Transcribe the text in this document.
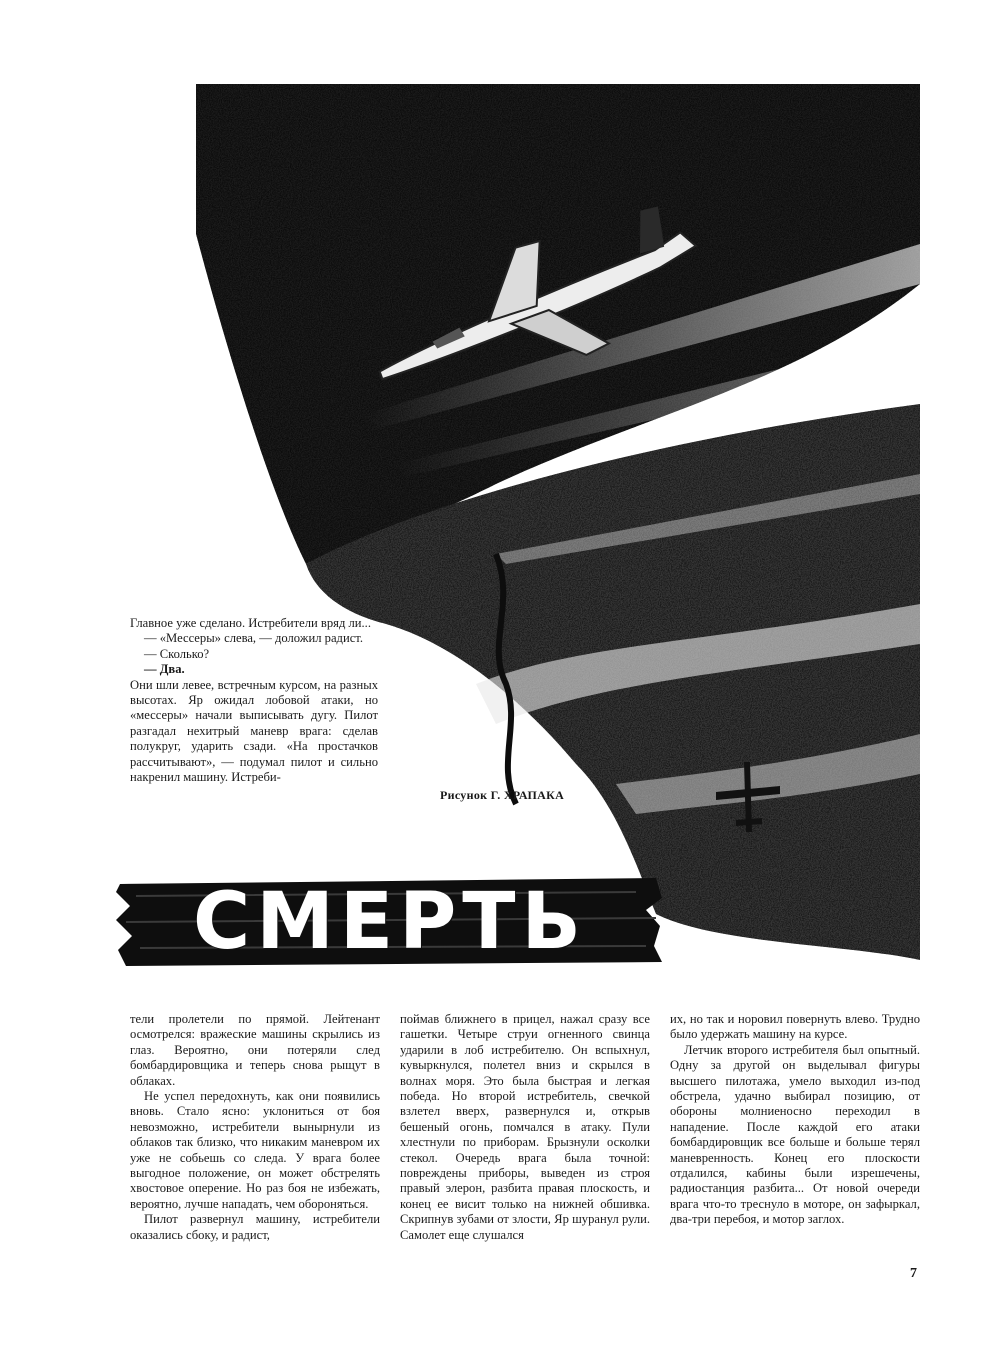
Главное уже сделано. Истребители вряд ли...

— «Мессеры» слева, — доложил радист.

— Сколько?

— Два.

Они шли левее, встречным курсом, на разных высотах. Яр ожидал лобовой атаки, но «мессеры» начали выписывать дугу. Пилот разгадал нехитрый маневр врага: сделав полукруг, ударить сзади. «На простачков рассчитывают», — подумал пилот и сильно накренил машину. Истреби-

Рисунок Г. ХРАПАКА
СМЕРТЬ

тели пролетели по прямой. Лейтенант осмотрелся: вражеские машины скрылись из глаз. Вероятно, они потеряли след бомбардировщика и теперь снова рыщут в облаках.

Не успел передохнуть, как они появились вновь. Стало ясно: уклониться от боя невозможно, истребители вынырнули из облаков так близко, что никаким маневром их уже не собьешь со следа. У врага более выгодное положение, он может обстрелять хвостовое оперение. Но раз боя не избежать, вероятно, лучше нападать, чем обороняться.

Пилот развернул машину, истребители оказались сбоку, и радист,

поймав ближнего в прицел, нажал сразу все гашетки. Четыре струи огненного свинца ударили в лоб истребителю. Он вспыхнул, кувыркнулся, полетел вниз и скрылся в волнах моря. Это была быстрая и легкая победа. Но второй истребитель, свечкой взлетел вверх, развернулся и, открыв бешеный огонь, помчался в атаку. Пули хлестнули по приборам. Брызнули осколки стекол. Очередь врага была точной: повреждены приборы, выведен из строя правый элерон, разбита правая плоскость, и конец ее висит только на нижней обшивка. Скрипнув зубами от злости, Яр шуранул рули. Самолет еще слушался

их, но так и норовил повернуть влево. Трудно было удержать машину на курсе.

Летчик второго истребителя был опытный. Одну за другой он выделывал фигуры высшего пилотажа, умело выходил из-под обстрела, удачно выбирал позицию, от обороны молниеносно переходил в нападение. После каждой его атаки бомбардировщик все больше и больше терял маневренность. Конец его плоскости отдалился, кабины были изрешечены, радиостанция разбита... От новой очереди врага что-то треснуло в моторе, он зафыркал, два-три перебоя, и мотор заглох.

7
